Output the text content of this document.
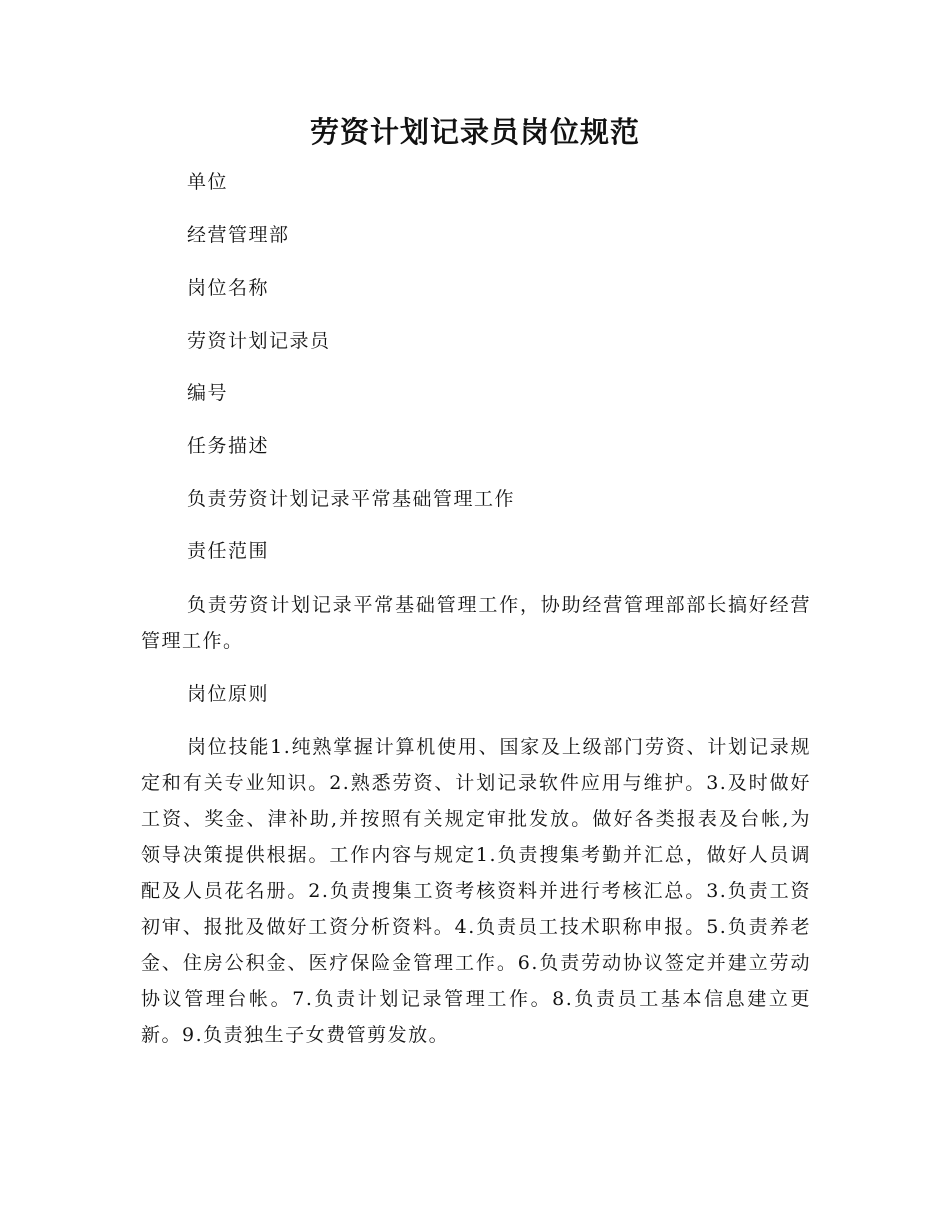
劳资计划记录员岗位规范

单位

经营管理部

岗位名称

劳资计划记录员

编号

任务描述

负责劳资计划记录平常基础管理工作

责任范围

负责劳资计划记录平常基础管理工作，协助经营管理部部长搞好经营管理工作。

岗位原则

岗位技能1.纯熟掌握计算机使用、国家及上级部门劳资、计划记录规定和有关专业知识。2.熟悉劳资、计划记录软件应用与维护。3.及时做好工资、奖金、津补助,并按照有关规定审批发放。做好各类报表及台帐,为领导决策提供根据。工作内容与规定1.负责搜集考勤并汇总，做好人员调配及人员花名册。2.负责搜集工资考核资料并进行考核汇总。3.负责工资初审、报批及做好工资分析资料。4.负责员工技术职称申报。5.负责养老金、住房公积金、医疗保险金管理工作。6.负责劳动协议签定并建立劳动协议管理台帐。7.负责计划记录管理工作。8.负责员工基本信息建立更新。9.负责独生子女费管剪发放。
